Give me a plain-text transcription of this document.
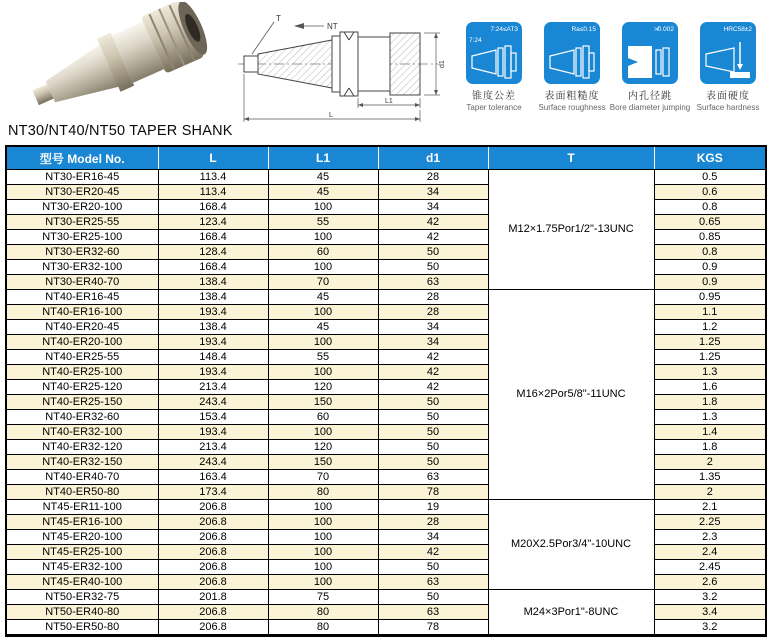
T
NT
d1
L1
L
7:24≤AT3
7:24
锥度公差
Taper tolerance
Ra≤0.15
表面粗糙度
Surface roughness
≯0.002
内孔径跳
Bore diameter jumping
HRC58±2
表面硬度
Surface hardness
NT30/NT40/NT50 TAPER SHANK
型号 Model No.	L	L1	d1	T	KGS
NT30-ER16-45	113.4	45	28	M12×1.75Por1/2"-13UNC	0.5
NT30-ER20-45	113.4	45	34		0.6
NT30-ER20-100	168.4	100	34		0.8
NT30-ER25-55	123.4	55	42		0.65
NT30-ER25-100	168.4	100	42		0.85
NT30-ER32-60	128.4	60	50		0.8
NT30-ER32-100	168.4	100	50		0.9
NT30-ER40-70	138.4	70	63		0.9
NT40-ER16-45	138.4	45	28	M16×2Por5/8"-11UNC	0.95
NT40-ER16-100	193.4	100	28		1.1
NT40-ER20-45	138.4	45	34		1.2
NT40-ER20-100	193.4	100	34		1.25
NT40-ER25-55	148.4	55	42		1.25
NT40-ER25-100	193.4	100	42		1.3
NT40-ER25-120	213.4	120	42		1.6
NT40-ER25-150	243.4	150	50		1.8
NT40-ER32-60	153.4	60	50		1.3
NT40-ER32-100	193.4	100	50		1.4
NT40-ER32-120	213.4	120	50		1.8
NT40-ER32-150	243.4	150	50		2
NT40-ER40-70	163.4	70	63		1.35
NT40-ER50-80	173.4	80	78		2
NT45-ER11-100	206.8	100	19	M20X2.5Por3/4"-10UNC	2.1
NT45-ER16-100	206.8	100	28		2.25
NT45-ER20-100	206.8	100	34		2.3
NT45-ER25-100	206.8	100	42		2.4
NT45-ER32-100	206.8	100	50		2.45
NT45-ER40-100	206.8	100	63		2.6
NT50-ER32-75	201.8	75	50	M24×3Por1"-8UNC	3.2
NT50-ER40-80	206.8	80	63		3.4
NT50-ER50-80	206.8	80	78		3.2
